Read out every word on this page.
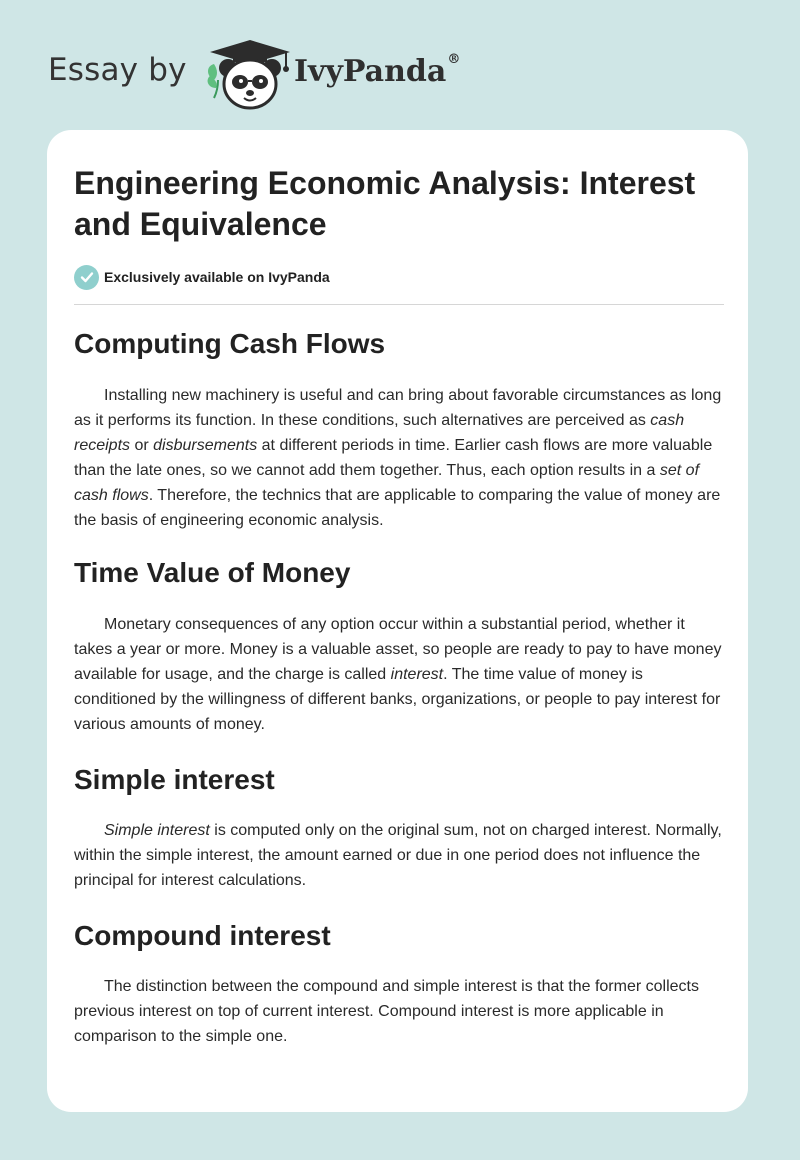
Essay by	IvyPanda®
Engineering Economic Analysis: Interest and Equivalence
Exclusively available on IvyPanda
Computing Cash Flows

Installing new machinery is useful and can bring about favorable circumstances as long as it performs its function. In these conditions, such alternatives are perceived as cash receipts or disbursements at different periods in time. Earlier cash flows are more valuable than the late ones, so we cannot add them together. Thus, each option results in a set of cash flows. Therefore, the technics that are applicable to comparing the value of money are the basis of engineering economic analysis.

Time Value of Money

Monetary consequences of any option occur within a substantial period, whether it takes a year or more. Money is a valuable asset, so people are ready to pay to have money available for usage, and the charge is called interest. The time value of money is conditioned by the willingness of different banks, organizations, or people to pay interest for various amounts of money.

Simple interest

Simple interest is computed only on the original sum, not on charged interest. Normally, within the simple interest, the amount earned or due in one period does not influence the principal for interest calculations.

Compound interest

The distinction between the compound and simple interest is that the former collects previous interest on top of current interest. Compound interest is more applicable in comparison to the simple one.
